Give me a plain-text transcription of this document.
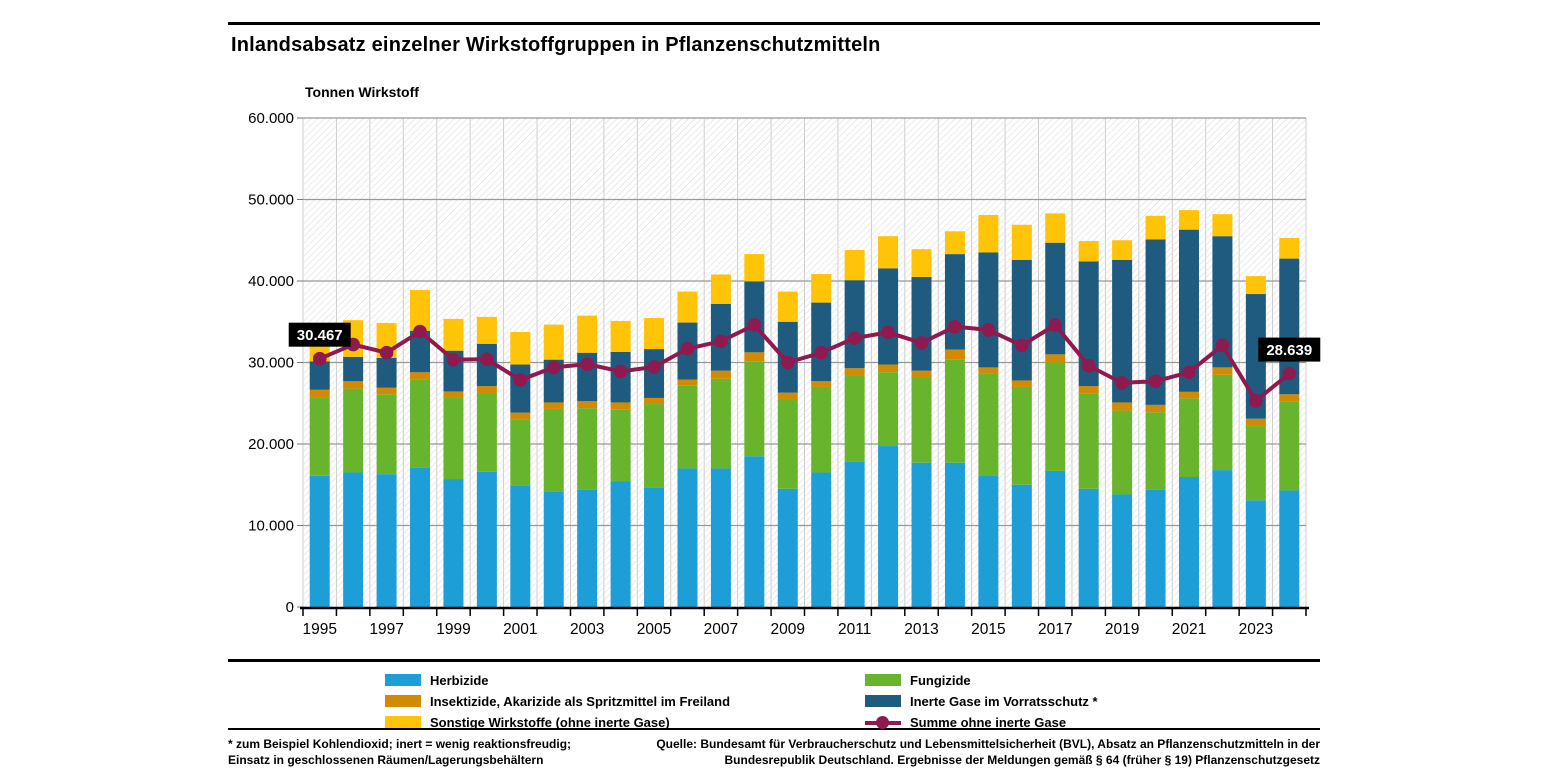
Inlandsabsatz einzelner Wirkstoffgruppen in Pflanzenschutzmitteln
Tonnen Wirkstoff
0
10.000
20.000
30.000
40.000
50.000
60.000
1995 1997 1999 2001 2003 2005 2007 2009 2011 2013 2015 2017 2019 2021 2023
30.467
28.639
Herbizide
Insektizide, Akarizide als Spritzmittel im Freiland
Sonstige Wirkstoffe (ohne inerte Gase)
Fungizide
Inerte Gase im Vorratsschutz *
Summe ohne inerte Gase
* zum Beispiel Kohlendioxid; inert = wenig reaktionsfreudig;
Einsatz in geschlossenen Räumen/Lagerungsbehältern
Quelle: Bundesamt für Verbraucherschutz und Lebensmittelsicherheit (BVL), Absatz an Pflanzenschutzmitteln in der
Bundesrepublik Deutschland. Ergebnisse der Meldungen gemäß § 64 (früher § 19) Pflanzenschutzgesetz
